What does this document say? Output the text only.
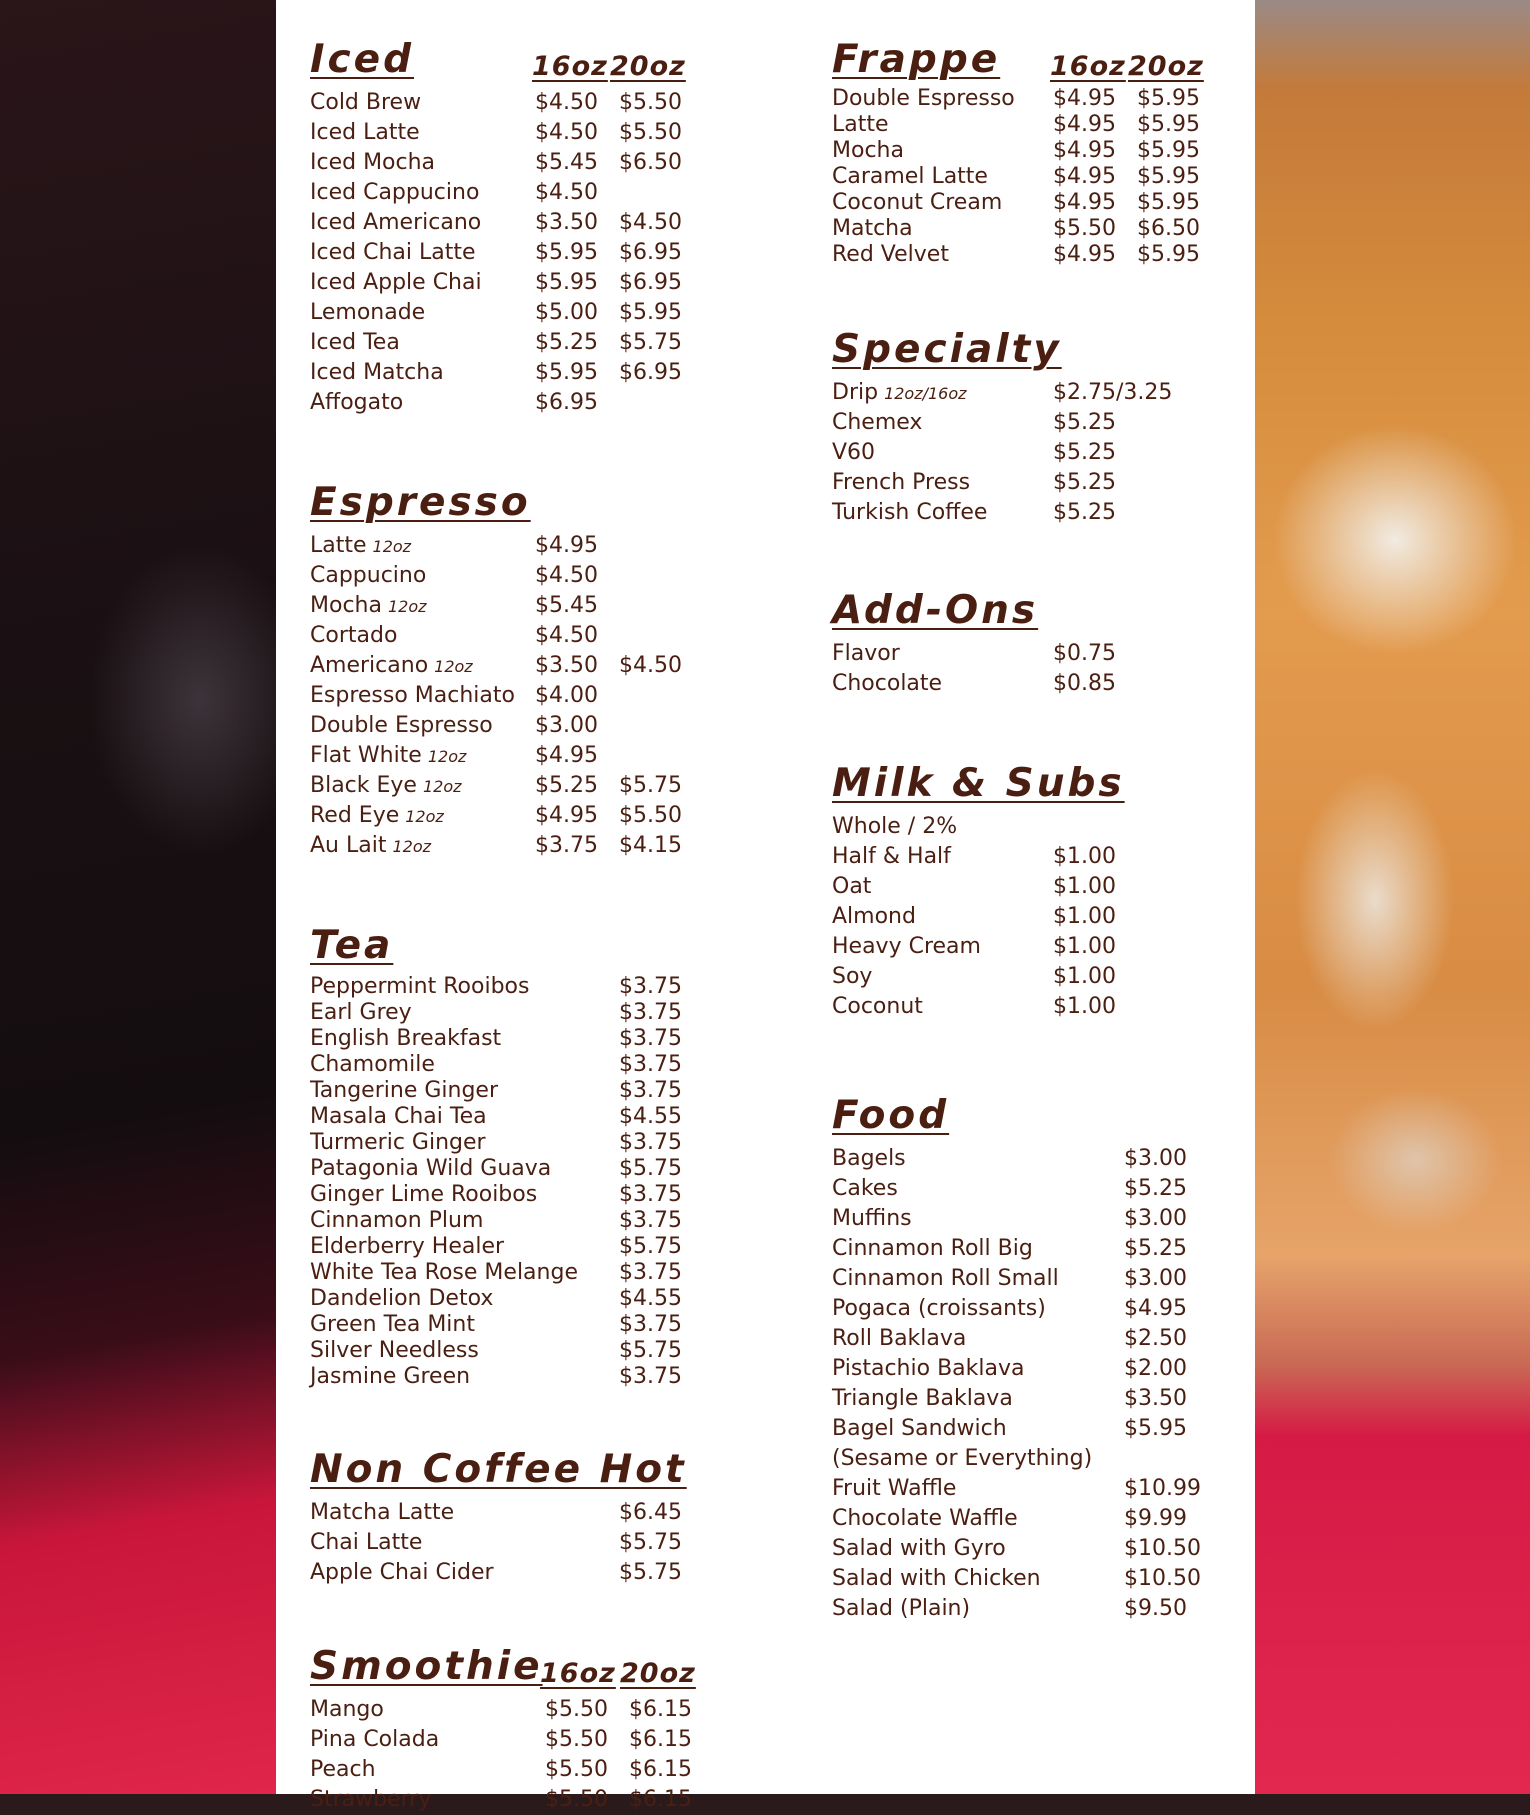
Iced	16oz 20oz
Cold Brew	$4.50 $5.50
Iced Latte	$4.50 $5.50
Iced Mocha	$5.45 $6.50
Iced Cappucino	$4.50
Iced Americano $3.50 $4.50
Iced Chai Latte	$5.95 $6.95
Iced Apple Chai $5.95 $6.95
Lemonade	$5.00 $5.95
Iced Tea	$5.25 $5.75
Iced Matcha	$5.95 $6.95
Affogato	$6.95
Espresso
Latte 12oz	$4.95
Cappucino	$4.50
Mocha 12oz	$5.45
Cortado	$4.50
Americano 12oz	$3.50 $4.50
Espresso Machiato $4.00
Double Espresso $3.00
Flat White 12oz	$4.95
Black Eye 12oz	$5.25 $5.75
Red Eye 12oz	$4.95 $5.50
Au Lait 12oz	$3.75 $4.15
Tea
Peppermint Rooibos	$3.75
Earl Grey	$3.75
English Breakfast	$3.75
Chamomile	$3.75
Tangerine Ginger	$3.75
Masala Chai Tea	$4.55
Turmeric Ginger	$3.75
Patagonia Wild Guava	$5.75
Ginger Lime Rooibos	$3.75
Cinnamon Plum	$3.75
Elderberry Healer	$5.75
White Tea Rose Melange $3.75
Dandelion Detox	$4.55
Green Tea Mint	$3.75
Silver Needless	$5.75
Jasmine Green	$3.75
Non Coffee Hot
Matcha Latte	$6.45
Chai Latte	$5.75
Apple Chai Cider	$5.75
Smoothie
16oz 20oz
Mango	$5.50 $6.15
Pina Colada	$5.50 $6.15
Peach	$5.50 $6.15
Strawberry	$5.50 $6.15
Frappe 16oz 20oz
Double Espresso $4.95 $5.95
Latte	$4.95 $5.95
Mocha	$4.95 $5.95
Caramel Latte	$4.95 $5.95
Coconut Cream $4.95 $5.95
Matcha	$5.50 $6.50
Red Velvet	$4.95 $5.95
Specialty
Drip 12oz/16oz	$2.75/3.25
Chemex	$5.25
V60	$5.25
French Press	$5.25
Turkish Coffee	$5.25
Add-Ons
Flavor	$0.75
Chocolate	$0.85
Milk & Subs
Whole / 2%
Half & Half	$1.00
Oat	$1.00
Almond	$1.00
Heavy Cream	$1.00
Soy	$1.00
Coconut	$1.00
Food
Bagels	$3.00
Cakes	$5.25
Muffins	$3.00
Cinnamon Roll Big	$5.25
Cinnamon Roll Small	$3.00
Pogaca (croissants)	$4.95
Roll Baklava	$2.50
Pistachio Baklava	$2.00
Triangle Baklava	$3.50
Bagel Sandwich	$5.95
(Sesame or Everything)
Fruit Waffle	$10.99
Chocolate Waffle	$9.99
Salad with Gyro	$10.50
Salad with Chicken	$10.50
Salad (Plain)	$9.50
